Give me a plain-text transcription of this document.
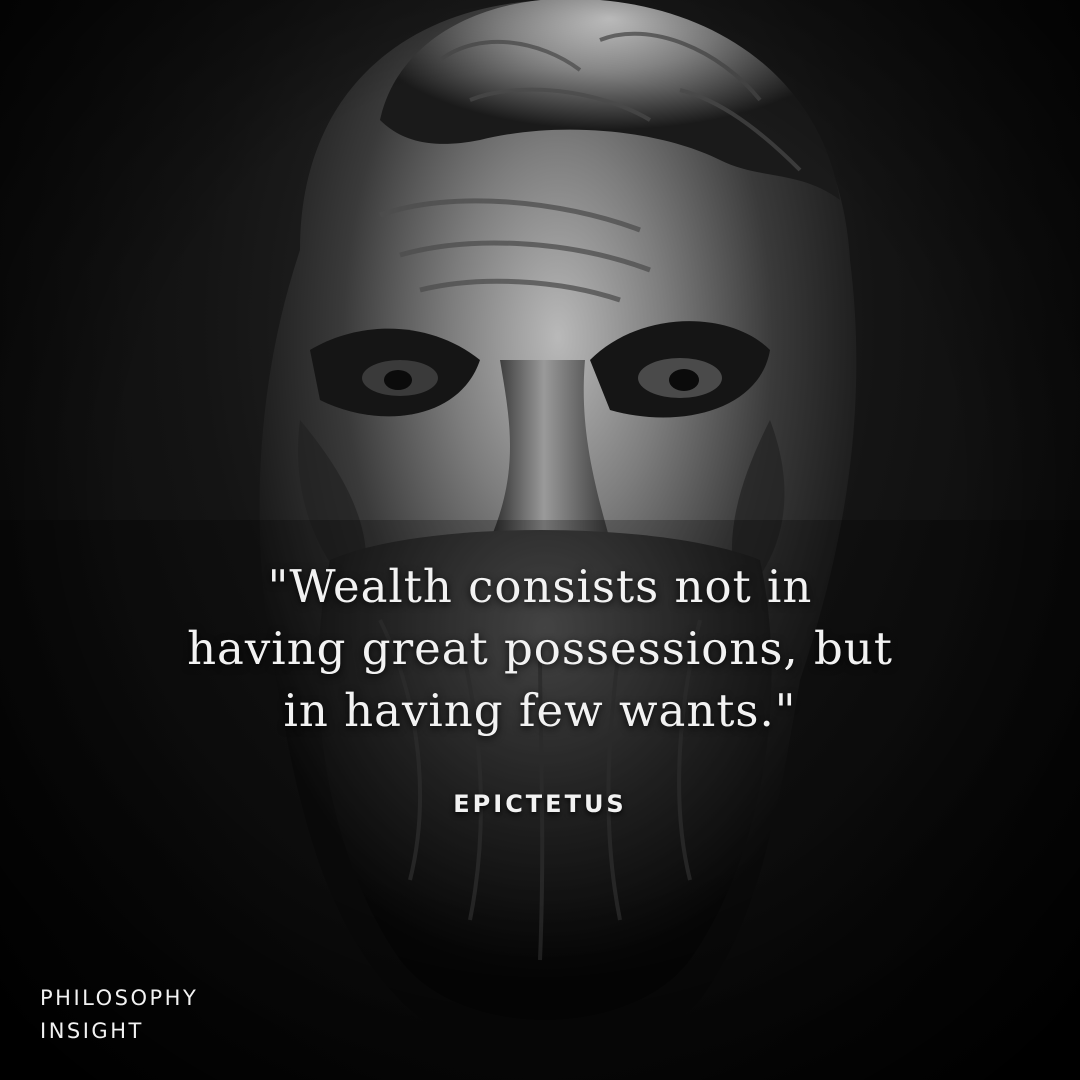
"Wealth consists not in
having great possessions, but
in having few wants."
EPICTETUS
PHILOSOPHY
INSIGHT
